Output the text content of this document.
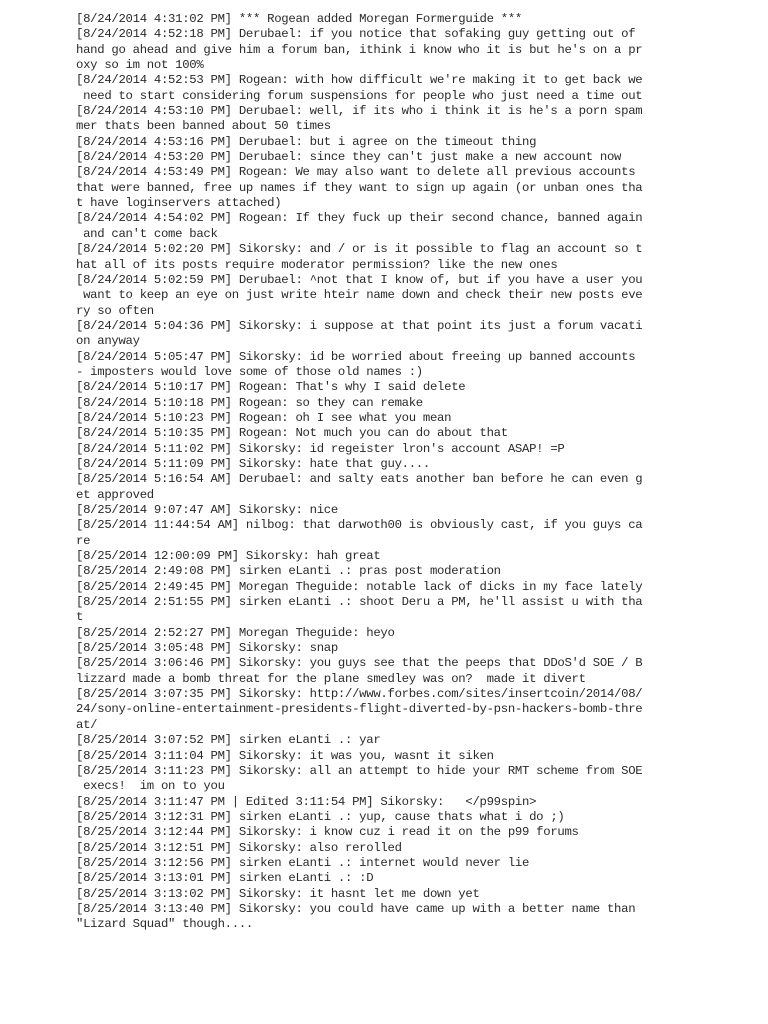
[8/24/2014 4:31:02 PM] *** Rogean added Moregan Formerguide ***
[8/24/2014 4:52:18 PM] Derubael: if you notice that sofaking guy getting out of
hand go ahead and give him a forum ban, ithink i know who it is but he's on a pr
oxy so im not 100%
[8/24/2014 4:52:53 PM] Rogean: with how difficult we're making it to get back we
need to start considering forum suspensions for people who just need a time out
[8/24/2014 4:53:10 PM] Derubael: well, if its who i think it is he's a porn spam
mer thats been banned about 50 times
[8/24/2014 4:53:16 PM] Derubael: but i agree on the timeout thing
[8/24/2014 4:53:20 PM] Derubael: since they can't just make a new account now
[8/24/2014 4:53:49 PM] Rogean: We may also want to delete all previous accounts
that were banned, free up names if they want to sign up again (or unban ones tha
t have loginservers attached)
[8/24/2014 4:54:02 PM] Rogean: If they fuck up their second chance, banned again
and can't come back
[8/24/2014 5:02:20 PM] Sikorsky: and / or is it possible to flag an account so t
hat all of its posts require moderator permission? like the new ones
[8/24/2014 5:02:59 PM] Derubael: ^not that I know of, but if you have a user you
want to keep an eye on just write hteir name down and check their new posts eve
ry so often
[8/24/2014 5:04:36 PM] Sikorsky: i suppose at that point its just a forum vacati
on anyway
[8/24/2014 5:05:47 PM] Sikorsky: id be worried about freeing up banned accounts
- imposters would love some of those old names :)
[8/24/2014 5:10:17 PM] Rogean: That's why I said delete
[8/24/2014 5:10:18 PM] Rogean: so they can remake
[8/24/2014 5:10:23 PM] Rogean: oh I see what you mean
[8/24/2014 5:10:35 PM] Rogean: Not much you can do about that
[8/24/2014 5:11:02 PM] Sikorsky: id regeister lron's account ASAP! =P
[8/24/2014 5:11:09 PM] Sikorsky: hate that guy....
[8/25/2014 5:16:54 AM] Derubael: and salty eats another ban before he can even g
et approved
[8/25/2014 9:07:47 AM] Sikorsky: nice
[8/25/2014 11:44:54 AM] nilbog: that darwoth00 is obviously cast, if you guys ca
re
[8/25/2014 12:00:09 PM] Sikorsky: hah great
[8/25/2014 2:49:08 PM] sirken eLanti .: pras post moderation
[8/25/2014 2:49:45 PM] Moregan Theguide: notable lack of dicks in my face lately
[8/25/2014 2:51:55 PM] sirken eLanti .: shoot Deru a PM, he'll assist u with tha
t
[8/25/2014 2:52:27 PM] Moregan Theguide: heyo
[8/25/2014 3:05:48 PM] Sikorsky: snap
[8/25/2014 3:06:46 PM] Sikorsky: you guys see that the peeps that DDoS'd SOE / B
lizzard made a bomb threat for the plane smedley was on?  made it divert
[8/25/2014 3:07:35 PM] Sikorsky: http://www.forbes.com/sites/insertcoin/2014/08/
24/sony-online-entertainment-presidents-flight-diverted-by-psn-hackers-bomb-thre
at/
[8/25/2014 3:07:52 PM] sirken eLanti .: yar
[8/25/2014 3:11:04 PM] Sikorsky: it was you, wasnt it siken
[8/25/2014 3:11:23 PM] Sikorsky: all an attempt to hide your RMT scheme from SOE
execs!  im on to you
[8/25/2014 3:11:47 PM | Edited 3:11:54 PM] Sikorsky:   </p99spin>
[8/25/2014 3:12:31 PM] sirken eLanti .: yup, cause thats what i do ;)
[8/25/2014 3:12:44 PM] Sikorsky: i know cuz i read it on the p99 forums
[8/25/2014 3:12:51 PM] Sikorsky: also rerolled
[8/25/2014 3:12:56 PM] sirken eLanti .: internet would never lie
[8/25/2014 3:13:01 PM] sirken eLanti .: :D
[8/25/2014 3:13:02 PM] Sikorsky: it hasnt let me down yet
[8/25/2014 3:13:40 PM] Sikorsky: you could have came up with a better name than
"Lizard Squad" though....
